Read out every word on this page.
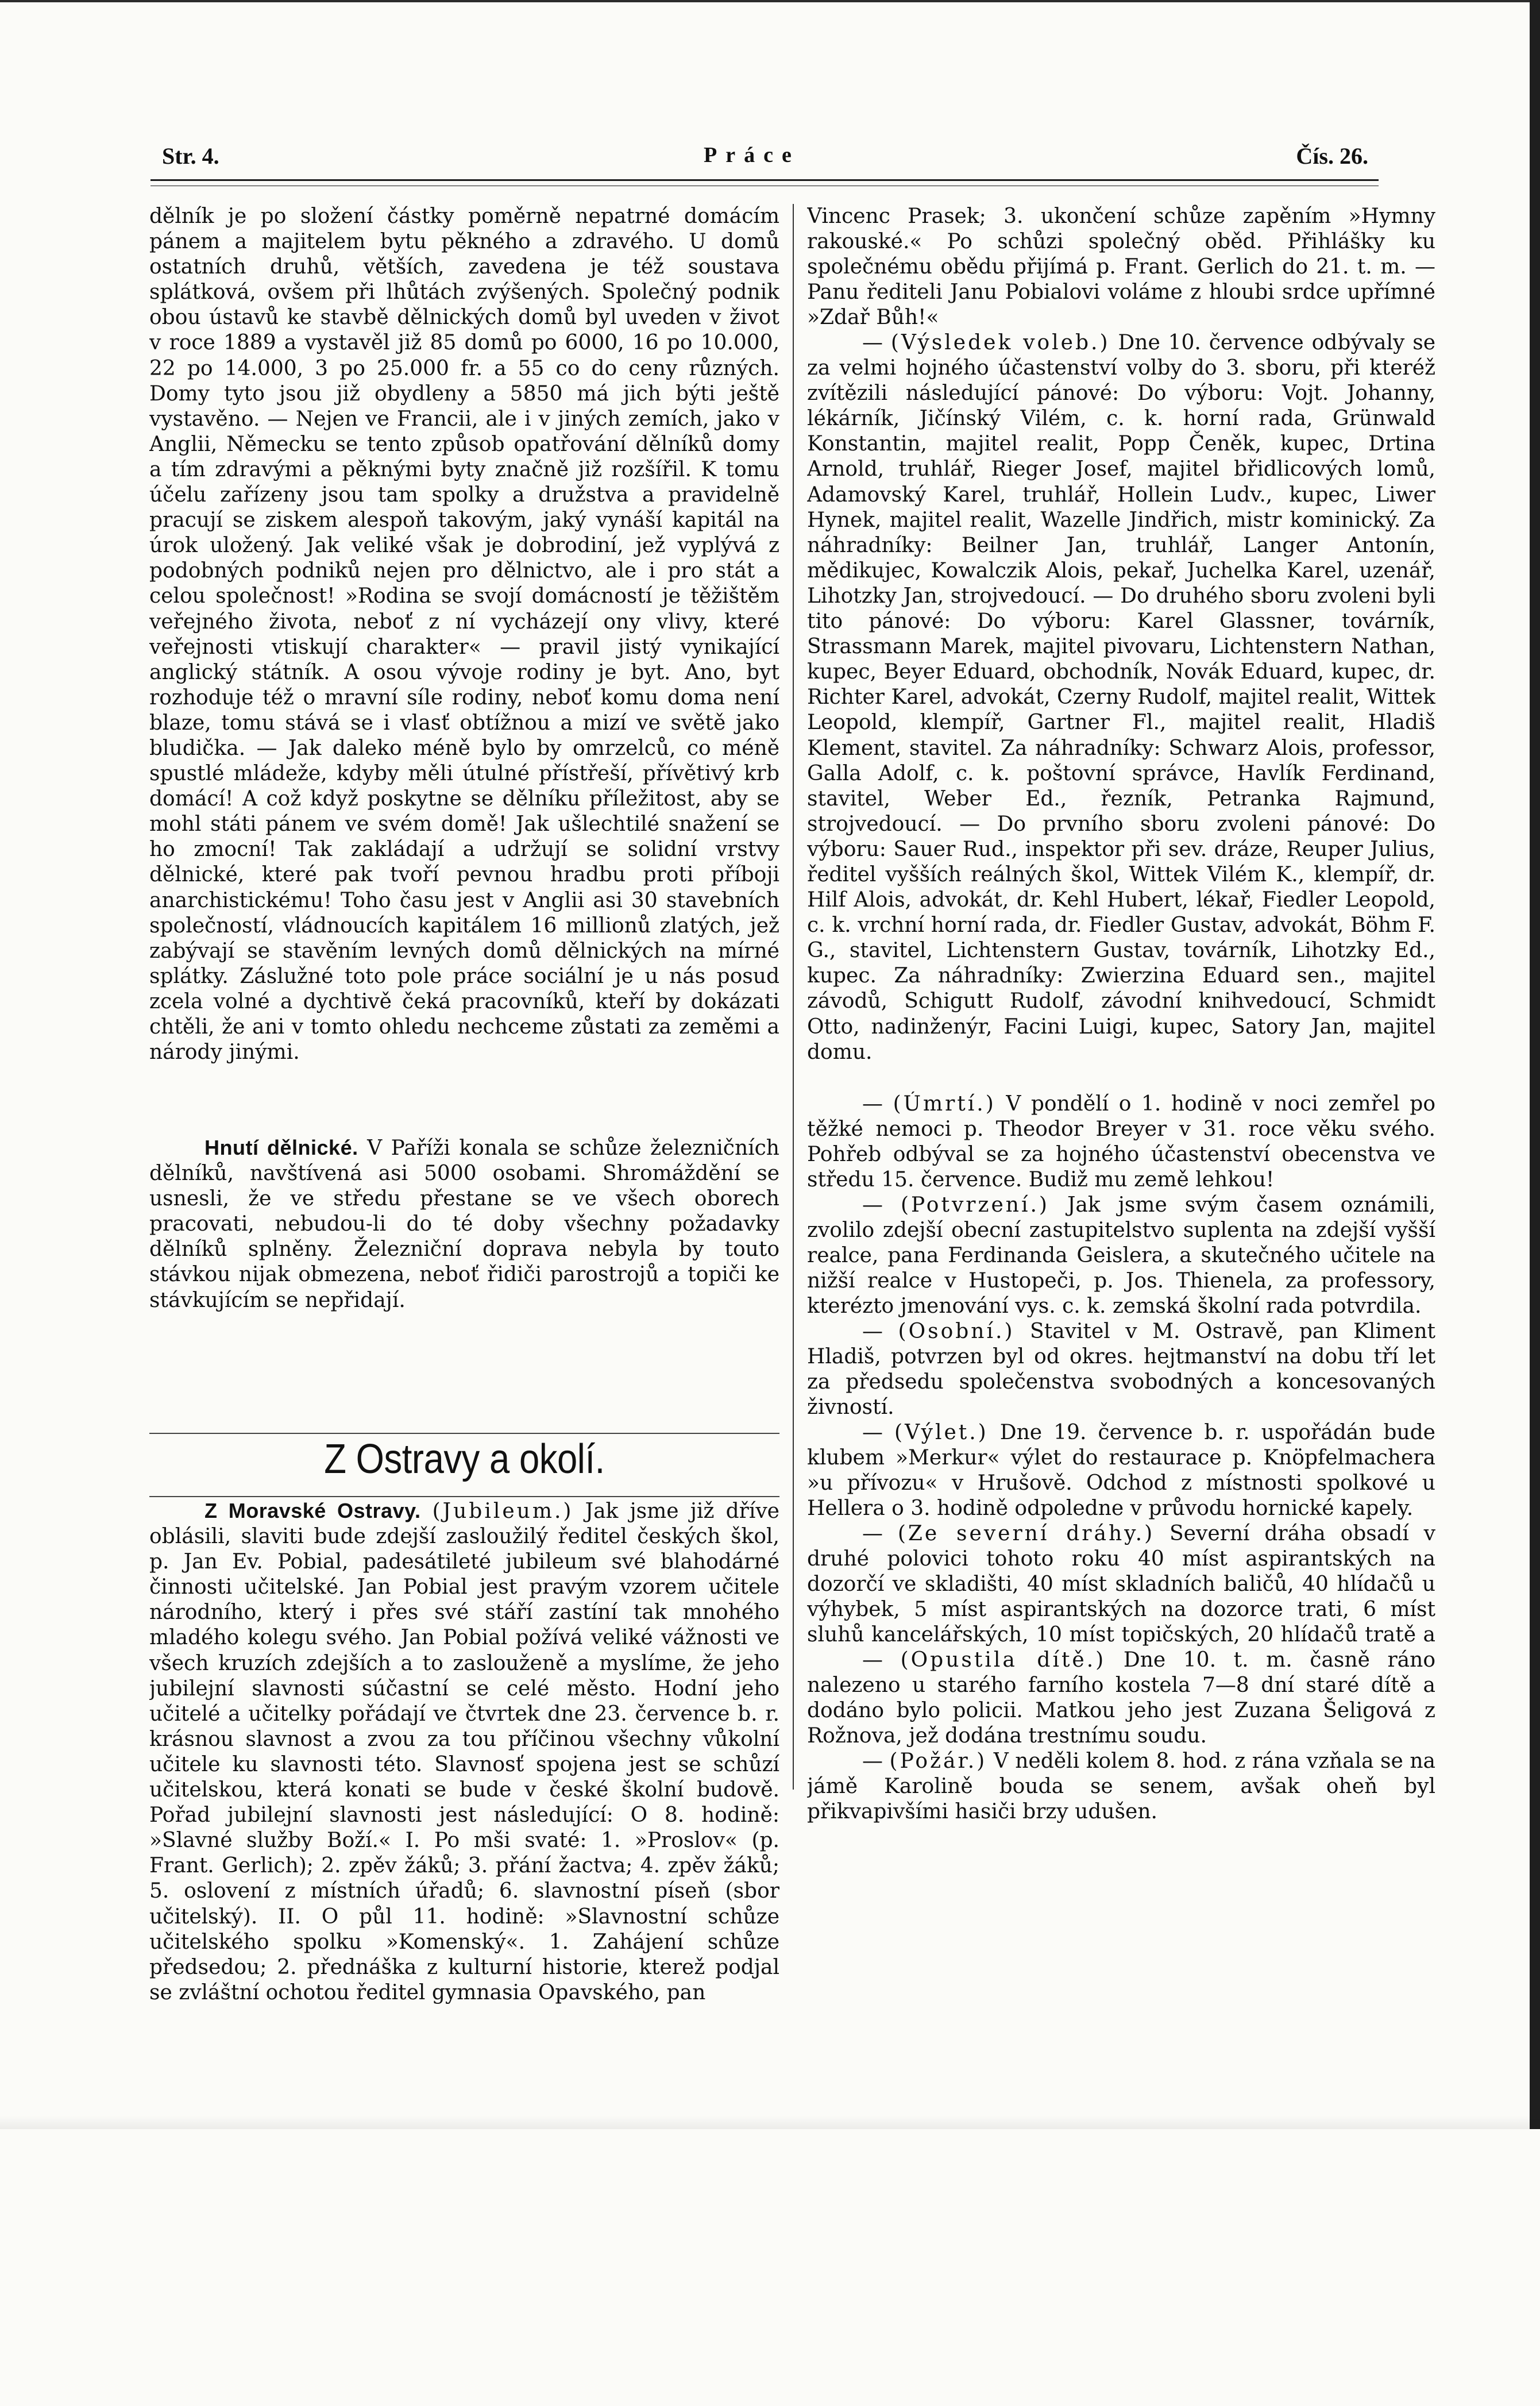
Str. 4.	Práce	Čís. 26.

dělník je po složení částky poměrně nepatrné domácím pánem a majitelem bytu pěkného a zdravého. U domů ostatních druhů, větších, zavedena je též soustava splátková, ovšem při lhůtách zvýšených. Společný podnik obou ústavů ke stavbě dělnických domů byl uveden v život v roce 1889 a vystavěl již 85 domů po 6000, 16 po 10.000, 22 po 14.000, 3 po 25.000 fr. a 55 co do ceny různých. Domy tyto jsou již obydleny a 5850 má jich býti ještě vystavěno. — Nejen ve Francii, ale i v jiných zemích, jako v Anglii, Německu se tento způsob opatřování dělníků domy a tím zdravými a pěknými byty značně již rozšířil. K tomu účelu zařízeny jsou tam spolky a družstva a pravidelně pracují se ziskem alespoň takovým, jaký vynáší kapitál na úrok uložený. Jak veliké však je dobrodiní, jež vyplývá z podobných podniků nejen pro dělnictvo, ale i pro stát a celou společnost! »Rodina se svojí domácností je těžištěm veřejného života, neboť z ní vycházejí ony vlivy, které veřejnosti vtiskují charakter« — pravil jistý vynikající anglický státník. A osou vývoje rodiny je byt. Ano, byt rozhoduje též o mravní síle rodiny, neboť komu doma není blaze, tomu stává se i vlasť obtížnou a mizí ve světě jako bludička. — Jak daleko méně bylo by omrzelců, co méně spustlé mládeže, kdyby měli útulné přístřeší, přívětivý krb domácí! A což když poskytne se dělníku příležitost, aby se mohl státi pánem ve svém domě! Jak ušlechtilé snažení se ho zmocní! Tak zakládají a udržují se solidní vrstvy dělnické, které pak tvoří pevnou hradbu proti příboji anarchistickému! Toho času jest v Anglii asi 30 stavebních společností, vládnoucích kapitálem 16 millionů zlatých, jež zabývají se stavěním levných domů dělnických na mírné splátky. Záslužné toto pole práce sociální je u nás posud zcela volné a dychtivě čeká pracovníků, kteří by dokázati chtěli, že ani v tomto ohledu nechceme zůstati za zeměmi a národy jinými.

Hnutí dělnické. V Paříži konala se schůze železničních dělníků, navštívená asi 5000 osobami. Shromáždění se usnesli, že ve středu přestane se ve všech oborech pracovati, nebudou-li do té doby všechny požadavky dělníků splněny. Železniční doprava nebyla by touto stávkou nijak obmezena, neboť řidiči parostrojů a topiči ke stávkujícím se nepřidají.

Z Ostravy a okolí.

Z Moravské Ostravy. (Jubileum.) Jak jsme již dříve oblásili, slaviti bude zdejší zasloužilý ředitel českých škol, p. Jan Ev. Pobial, padesátileté jubileum své blahodárné činnosti učitelské. Jan Pobial jest pravým vzorem učitele národního, který i přes své stáří zastíní tak mnohého mladého kolegu svého. Jan Pobial požívá veliké vážnosti ve všech kruzích zdejších a to zaslouženě a myslíme, že jeho jubilejní slavnosti súčastní se celé město. Hodní jeho učitelé a učitelky pořádají ve čtvrtek dne 23. července b. r. krásnou slavnost a zvou za tou příčinou všechny vůkolní učitele ku slavnosti této. Slavnosť spojena jest se schůzí učitelskou, která konati se bude v české školní budově. Pořad jubilejní slavnosti jest následující: O 8. hodině: »Slavné služby Boží.« I. Po mši svaté: 1. »Proslov« (p. Frant. Gerlich); 2. zpěv žáků; 3. přání žactva; 4. zpěv žáků; 5. oslovení z místních úřadů; 6. slavnostní píseň (sbor učitelský). II. O půl 11. hodině: »Slavnostní schůze učitelského spolku »Komenský«. 1. Zahájení schůze předsedou; 2. přednáška z kulturní historie, kterež podjal se zvláštní ochotou ředitel gymnasia Opavského, pan

Vincenc Prasek; 3. ukončení schůze zapěním »Hymny rakouské.« Po schůzi společný oběd. Přihlášky ku společnému obědu přijímá p. Frant. Gerlich do 21. t. m. — Panu řediteli Janu Pobialovi voláme z hloubi srdce upřímné »Zdař Bůh!«

— (Výsledek voleb.) Dne 10. července odbývaly se za velmi hojného účastenství volby do 3. sboru, při kteréž zvítězili následující pánové: Do výboru: Vojt. Johanny, lékárník, Jičínský Vilém, c. k. horní rada, Grünwald Konstantin, majitel realit, Popp Čeněk, kupec, Drtina Arnold, truhlář, Rieger Josef, majitel břidlicových lomů, Adamovský Karel, truhlář, Hollein Ludv., kupec, Liwer Hynek, majitel realit, Wazelle Jindřich, mistr kominický. Za náhradníky: Beilner Jan, truhlář, Langer Antonín, mědikujec, Kowalczik Alois, pekař, Juchelka Karel, uzenář, Lihotzky Jan, strojvedoucí. — Do druhého sboru zvoleni byli tito pánové: Do výboru: Karel Glassner, továrník, Strassmann Marek, majitel pivovaru, Lichtenstern Nathan, kupec, Beyer Eduard, obchodník, Novák Eduard, kupec, dr. Richter Karel, advokát, Czerny Rudolf, majitel realit, Wittek Leopold, klempíř, Gartner Fl., majitel realit, Hladiš Klement, stavitel. Za náhradníky: Schwarz Alois, professor, Galla Adolf, c. k. poštovní správce, Havlík Ferdinand, stavitel, Weber Ed., řezník, Petranka Rajmund, strojvedoucí. — Do prvního sboru zvoleni pánové: Do výboru: Sauer Rud., inspektor při sev. dráze, Reuper Julius, ředitel vyšších reálných škol, Wittek Vilém K., klempíř, dr. Hilf Alois, advokát, dr. Kehl Hubert, lékař, Fiedler Leopold, c. k. vrchní horní rada, dr. Fiedler Gustav, advokát, Böhm F. G., stavitel, Lichtenstern Gustav, továrník, Lihotzky Ed., kupec. Za náhradníky: Zwierzina Eduard sen., majitel závodů, Schigutt Rudolf, závodní knihvedoucí, Schmidt Otto, nadinženýr, Facini Luigi, kupec, Satory Jan, majitel domu.

— (Úmrtí.) V pondělí o 1. hodině v noci zemřel po těžké nemoci p. Theodor Breyer v 31. roce věku svého. Pohřeb odbýval se za hojného účastenství obecenstva ve středu 15. července. Budiž mu země lehkou!

— (Potvrzení.) Jak jsme svým časem oznámili, zvolilo zdejší obecní zastupitelstvo suplenta na zdejší vyšší realce, pana Ferdinanda Geislera, a skutečného učitele na nižší realce v Hustopeči, p. Jos. Thienela, za professory, kterézto jmenování vys. c. k. zemská školní rada potvrdila.

— (Osobní.) Stavitel v M. Ostravě, pan Kliment Hladiš, potvrzen byl od okres. hejtmanství na dobu tří let za předsedu společenstva svobodných a koncesovaných živností.

— (Výlet.) Dne 19. července b. r. uspořádán bude klubem »Merkur« výlet do restaurace p. Knöpfelmachera »u přívozu« v Hrušově. Odchod z místnosti spolkové u Hellera o 3. hodině odpoledne v průvodu hornické kapely.

— (Ze severní dráhy.) Severní dráha obsadí v druhé polovici tohoto roku 40 míst aspirantských na dozorčí ve skladišti, 40 míst skladních baličů, 40 hlídačů u výhybek, 5 míst aspirantských na dozorce trati, 6 míst sluhů kancelářských, 10 míst topičských, 20 hlídačů tratě a

— (Opustila dítě.) Dne 10. t. m. časně ráno nalezeno u starého farního kostela 7—8 dní staré dítě a dodáno bylo policii. Matkou jeho jest Zuzana Šeligová z Rožnova, jež dodána trestnímu soudu.

— (Požár.) V neděli kolem 8. hod. z rána vzňala se na jámě Karolině bouda se senem, avšak oheň byl přikvapivšími hasiči brzy udušen.
